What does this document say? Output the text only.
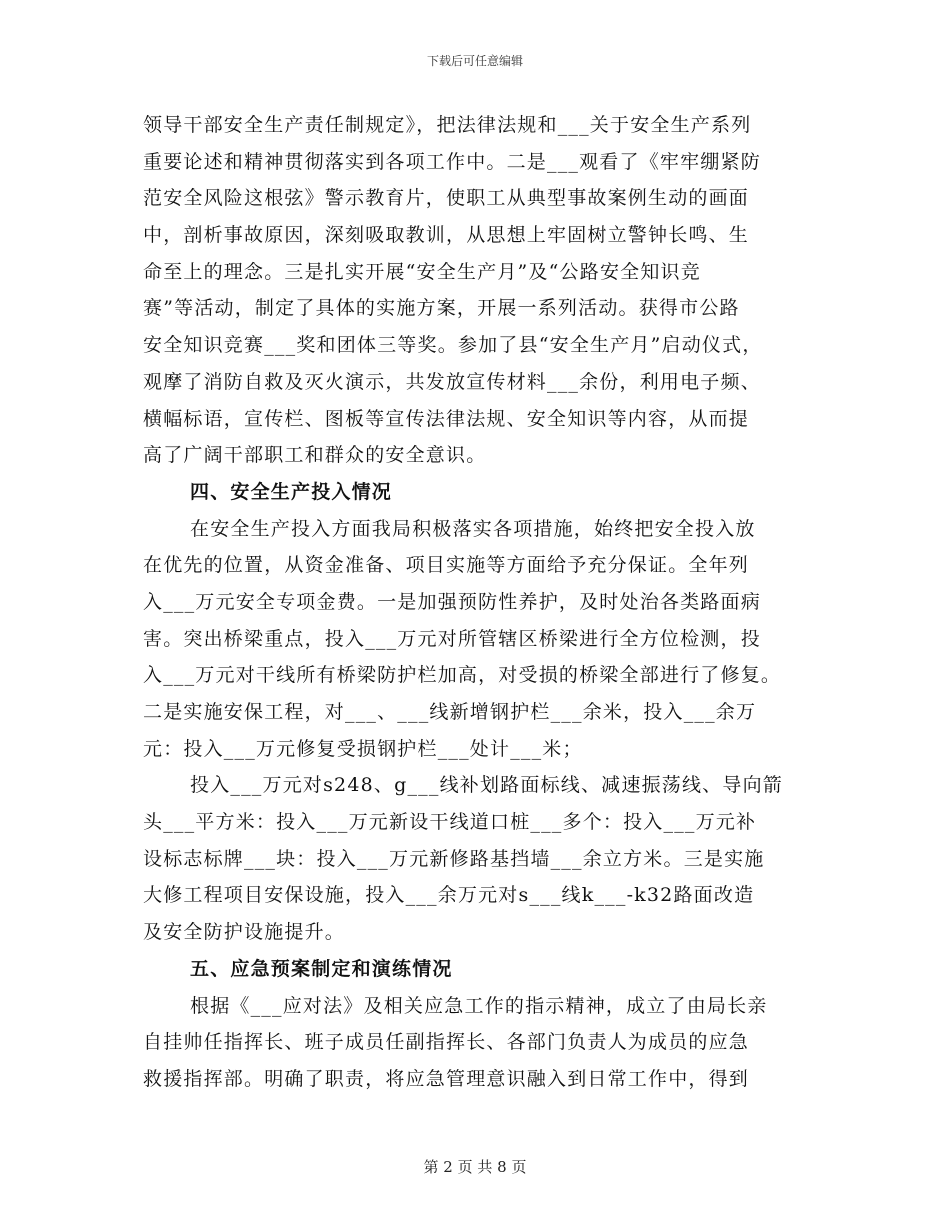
下载后可任意编辑
领导干部安全生产责任制规定》，把法律法规和___关于安全生产系列
重要论述和精神贯彻落实到各项工作中。二是___观看了《牢牢绷紧防
范安全风险这根弦》警示教育片，使职工从典型事故案例生动的画面
中，剖析事故原因，深刻吸取教训，从思想上牢固树立警钟长鸣、生
命至上的理念。三是扎实开展“安全生产月”及“公路安全知识竞
赛”等活动，制定了具体的实施方案，开展一系列活动。获得市公路
安全知识竞赛___奖和团体三等奖。参加了县“安全生产月”启动仪式，
观摩了消防自救及灭火演示，共发放宣传材料___余份，利用电子频、
横幅标语，宣传栏、图板等宣传法律法规、安全知识等内容，从而提
高了广阔干部职工和群众的安全意识。
四、安全生产投入情况
在安全生产投入方面我局积极落实各项措施，始终把安全投入放
在优先的位置，从资金准备、项目实施等方面给予充分保证。全年列
入___万元安全专项金费。一是加强预防性养护，及时处治各类路面病
害。突出桥梁重点，投入___万元对所管辖区桥梁进行全方位检测，投
入___万元对干线所有桥梁防护栏加高，对受损的桥梁全部进行了修复。
二是实施安保工程，对___、___线新增钢护栏___余米，投入___余万
元：投入___万元修复受损钢护栏___处计___米；
投入___万元对s248、g___线补划路面标线、减速振荡线、导向箭
头___平方米：投入___万元新设干线道口桩___多个：投入___万元补
设标志标牌___块：投入___万元新修路基挡墙___余立方米。三是实施
大修工程项目安保设施，投入___余万元对s___线k___-k32路面改造
及安全防护设施提升。
五、应急预案制定和演练情况
根据《___应对法》及相关应急工作的指示精神，成立了由局长亲
自挂帅任指挥长、班子成员任副指挥长、各部门负责人为成员的应急
救援指挥部。明确了职责，将应急管理意识融入到日常工作中，得到
第 2 页 共 8 页
